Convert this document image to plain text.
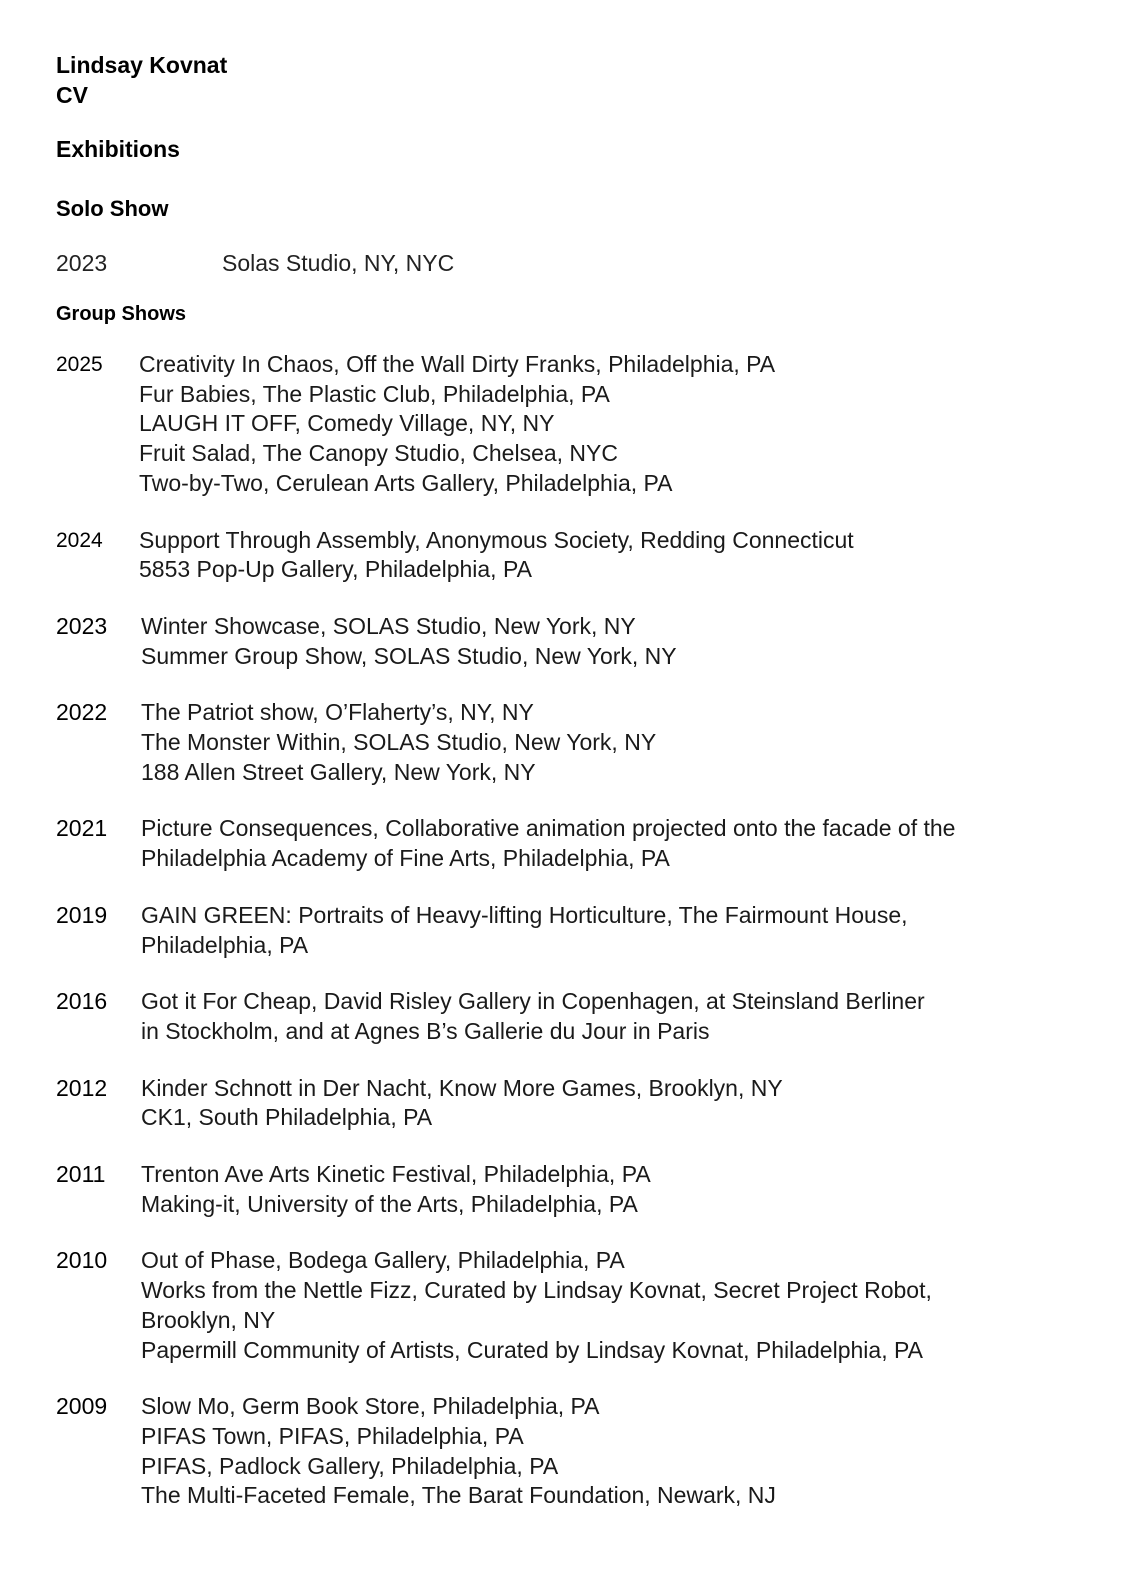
Lindsay Kovnat
CV
Exhibitions
Solo Show
2023	Solas Studio, NY, NYC
Group Shows
2025	Creativity In Chaos, Off the Wall Dirty Franks, Philadelphia, PA
Fur Babies, The Plastic Club, Philadelphia, PA
LAUGH IT OFF, Comedy Village, NY, NY
Fruit Salad, The Canopy Studio, Chelsea, NYC
Two-by-Two, Cerulean Arts Gallery, Philadelphia, PA
2024	Support Through Assembly, Anonymous Society, Redding Connecticut
5853 Pop-Up Gallery, Philadelphia, PA
2023	Winter Showcase, SOLAS Studio, New York, NY
Summer Group Show, SOLAS Studio, New York, NY
2022	The Patriot show, O’Flaherty’s, NY, NY
The Monster Within, SOLAS Studio, New York, NY
188 Allen Street Gallery, New York, NY
2021	Picture Consequences, Collaborative animation projected onto the facade of the
Philadelphia Academy of Fine Arts, Philadelphia, PA
2019	GAIN GREEN: Portraits of Heavy-lifting Horticulture, The Fairmount House,
Philadelphia, PA
2016	Got it For Cheap, David Risley Gallery in Copenhagen, at Steinsland Berliner
in Stockholm, and at Agnes B’s Gallerie du Jour in Paris
2012	Kinder Schnott in Der Nacht, Know More Games, Brooklyn, NY
CK1, South Philadelphia, PA
2011	Trenton Ave Arts Kinetic Festival, Philadelphia, PA
Making-it, University of the Arts, Philadelphia, PA
2010	Out of Phase, Bodega Gallery, Philadelphia, PA
Works from the Nettle Fizz, Curated by Lindsay Kovnat, Secret Project Robot,
Brooklyn, NY
Papermill Community of Artists, Curated by Lindsay Kovnat, Philadelphia, PA
2009	Slow Mo, Germ Book Store, Philadelphia, PA
PIFAS Town, PIFAS, Philadelphia, PA
PIFAS, Padlock Gallery, Philadelphia, PA
The Multi-Faceted Female, The Barat Foundation, Newark, NJ
